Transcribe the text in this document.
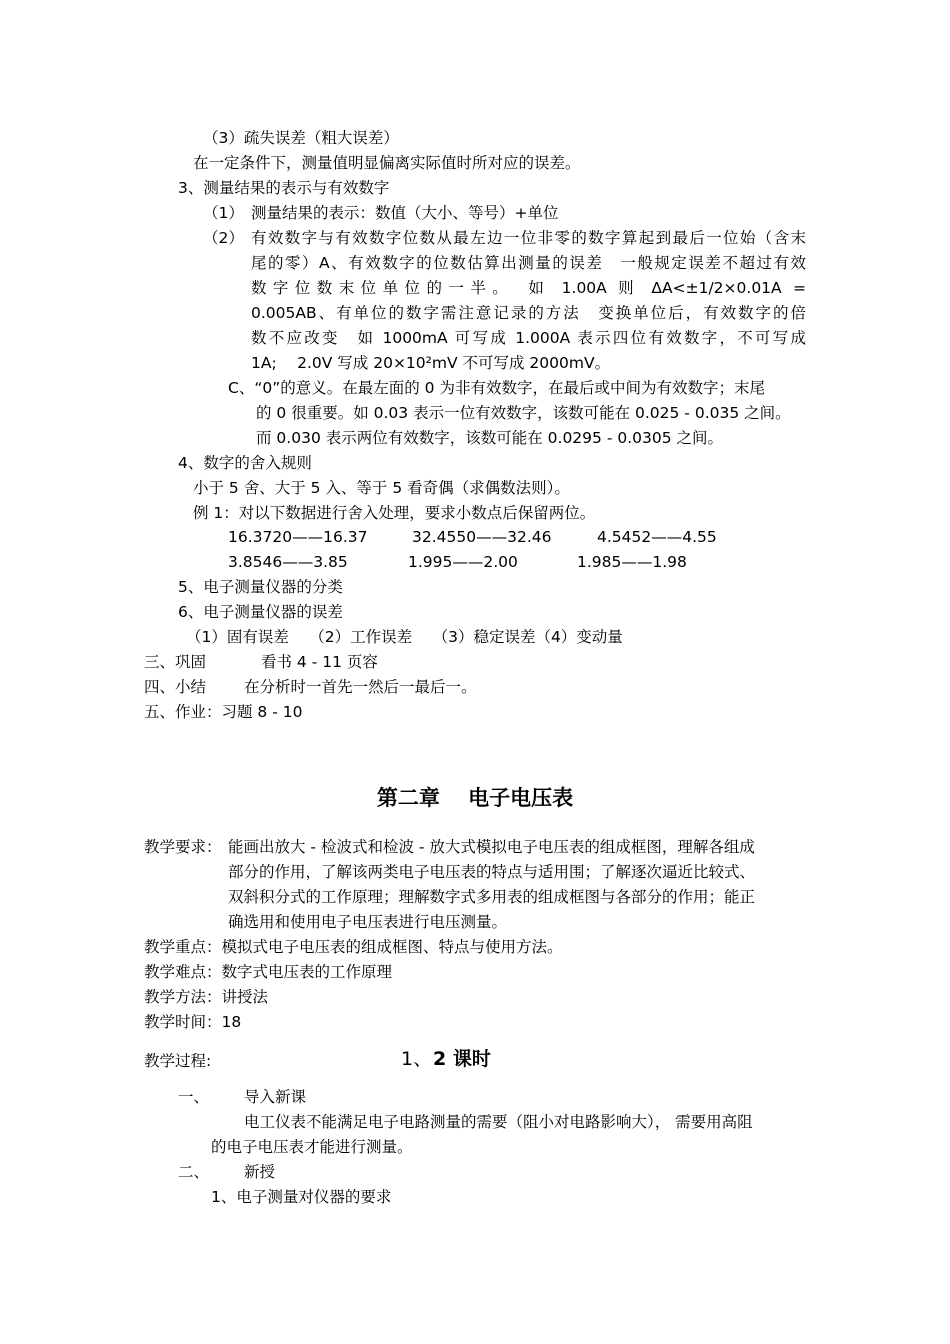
（3）疏失误差（粗大误差）
在一定条件下，测量值明显偏离实际值时所对应的误差。
3、测量结果的表示与有效数字
（1） 测量结果的表示：数值（大小、等号）+单位
（2） 有效数字与有效数字位数从最左边一位非零的数字算起到最后一位始（含末
尾的零）A、有效数字的位数估算出测量的误差　一般规定误差不超过有效
数字位数末位单位的一半。　如 1.00A 则 ΔA<±1/2×0.01A =
0.005AB、有单位的数字需注意记录的方法　变换单位后，有效数字的倍
数不应改变　如 1000mA 可写成 1.000A 表示四位有效数字，不可写成
1A;　 2.0V 写成 20×10²mV 不可写成 2000mV。
C、“0”的意义。在最左面的 0 为非有效数字，在最后或中间为有效数字；末尾
的 0 很重要。如 0.03 表示一位有效数字，该数可能在 0.025 - 0.035 之间。
而 0.030 表示两位有效数字，该数可能在 0.0295 - 0.0305 之间。
4、数字的舍入规则
小于 5 舍、大于 5 入、等于 5 看奇偶（求偶数法则）。
例 1：对以下数据进行舍入处理，要求小数点后保留两位。
16.3720——16.37	32.4550——32.46	4.5452——4.55
3.8546——3.85	1.995——2.00	1.985——1.98
5、电子测量仪器的分类
6、电子测量仪器的误差
（1）固有误差　 （2）工作误差　 （3）稳定误差（4）变动量
三、巩固	看书 4 - 11 页容
四、小结 在分析时一首先一然后一最后一。
五、作业：习题 8 - 10
第二章　 电子电压表
教学要求： 能画出放大 - 检波式和检波 - 放大式模拟电子电压表的组成框图，理解各组成
部分的作用，了解该两类电子电压表的特点与适用围；了解逐次逼近比较式、
双斜积分式的工作原理；理解数字式多用表的组成框图与各部分的作用；能正
确选用和使用电子电压表进行电压测量。
教学重点：模拟式电子电压表的组成框图、特点与使用方法。
教学难点：数字式电压表的工作原理
教学方法：讲授法
教学时间：18
教学过程:	1、 2 课时
一、 导入新课
电工仪表不能满足电子电路测量的需要（阻小对电路影响大）， 需要用高阻
的电子电压表才能进行测量。
二、 新授
1、电子测量对仪器的要求
